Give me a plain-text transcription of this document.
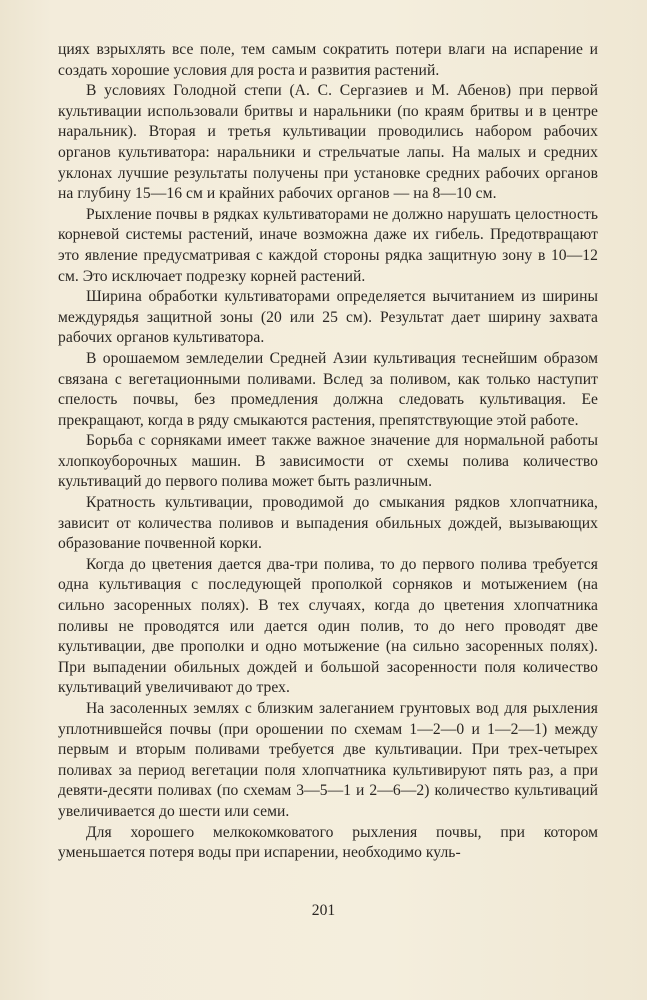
циях взрыхлять все поле, тем самым сократить потери влаги на испарение и создать хорошие условия для роста и развития растений.

В условиях Голодной степи (А. С. Сергазиев и М. Абенов) при первой культивации использовали бритвы и наральники (по краям бритвы и в центре наральник). Вторая и третья культивации проводились набором рабочих органов культиватора: наральники и стрельчатые лапы. На малых и средних уклонах лучшие результаты получены при установке средних рабочих органов на глубину 15—16 см и крайних рабочих органов — на 8—10 см.

Рыхление почвы в рядках культиваторами не должно нарушать целостность корневой системы растений, иначе возможна даже их гибель. Предотвращают это явление предусматривая с каждой стороны рядка защитную зону в 10—12 см. Это исключает подрезку корней растений.

Ширина обработки культиваторами определяется вычитанием из ширины междурядья защитной зоны (20 или 25 см). Результат дает ширину захвата рабочих органов культиватора.

В орошаемом земледелии Средней Азии культивация теснейшим образом связана с вегетационными поливами. Вслед за поливом, как только наступит спелость почвы, без промедления должна следовать культивация. Ее прекращают, когда в ряду смыкаются растения, препятствующие этой работе.

Борьба с сорняками имеет также важное значение для нормальной работы хлопкоуборочных машин. В зависимости от схемы полива количество культиваций до первого полива может быть различным.

Кратность культивации, проводимой до смыкания рядков хлопчатника, зависит от количества поливов и выпадения обильных дождей, вызывающих образование почвенной корки.

Когда до цветения дается два-три полива, то до первого полива требуется одна культивация с последующей прополкой сорняков и мотыжением (на сильно засоренных полях). В тех случаях, когда до цветения хлопчатника поливы не проводятся или дается один полив, то до него проводят две культивации, две прополки и одно мотыжение (на сильно засоренных полях). При выпадении обильных дождей и большой засоренности поля количество культиваций увеличивают до трех.

На засоленных землях с близким залеганием грунтовых вод для рыхления уплотнившейся почвы (при орошении по схемам 1—2—0 и 1—2—1) между первым и вторым поливами требуется две культивации. При трех-четырех поливах за период вегетации поля хлопчатника культивируют пять раз, а при девяти-десяти поливах (по схемам 3—5—1 и 2—6—2) количество культиваций увеличивается до шести или семи.

Для хорошего мелкокомковатого рыхления почвы, при котором уменьшается потеря воды при испарении, необходимо куль-

201
